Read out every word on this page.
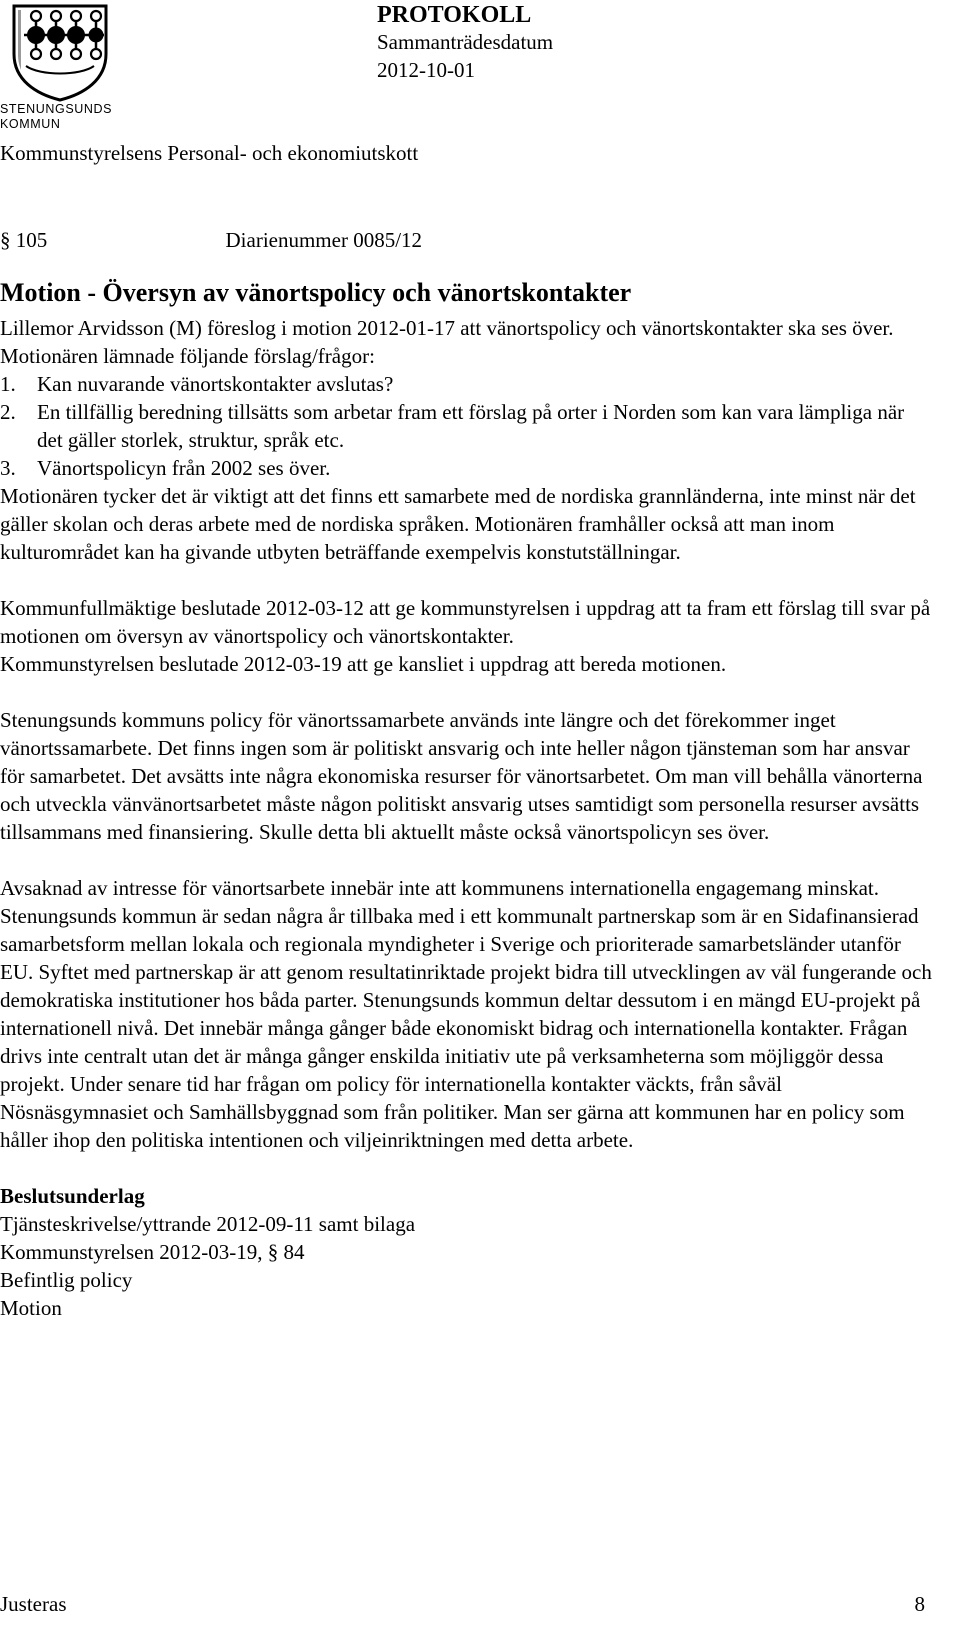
STENUNGSUNDS
KOMMUN
PROTOKOLL
Sammanträdesdatum
2012-10-01
Kommunstyrelsens Personal- och ekonomiutskott
§ 105	Diarienummer 0085/12
Motion - Översyn av vänortspolicy och vänortskontakter

Lillemor Arvidsson (M) föreslog i motion 2012-01-17 att vänortspolicy och vänortskontakter ska ses över.

Motionären lämnade följande förslag/frågor:

1.	Kan nuvarande vänortskontakter avslutas?
2.	En tillfällig beredning tillsätts som arbetar fram ett förslag på orter i Norden som kan vara lämpliga när det gäller storlek, struktur, språk etc.
3.	Vänortspolicyn från 2002 ses över.

Motionären tycker det är viktigt att det finns ett samarbete med de nordiska grannländerna, inte minst när det gäller skolan och deras arbete med de nordiska språken. Motionären framhåller också att man inom kulturområdet kan ha givande utbyten beträffande exempelvis konstutställningar.

Kommunfullmäktige beslutade 2012-03-12 att ge kommunstyrelsen i uppdrag att ta fram ett förslag till svar på motionen om översyn av vänortspolicy och vänortskontakter.

Kommunstyrelsen beslutade 2012-03-19 att ge kansliet i uppdrag att bereda motionen.

Stenungsunds kommuns policy för vänortssamarbete används inte längre och det förekommer inget vänortssamarbete. Det finns ingen som är politiskt ansvarig och inte heller någon tjänsteman som har ansvar för samarbetet. Det avsätts inte några ekonomiska resurser för vänortsarbetet. Om man vill behålla vänorterna och utveckla vänvänortsarbetet måste någon politiskt ansvarig utses samtidigt som personella resurser avsätts tillsammans med finansiering. Skulle detta bli aktuellt måste också vänortspolicyn ses över.

Avsaknad av intresse för vänortsarbete innebär inte att kommunens internationella engagemang minskat. Stenungsunds kommun är sedan några år tillbaka med i ett kommunalt partnerskap som är en Sidafinansierad samarbetsform mellan lokala och regionala myndigheter i Sverige och prioriterade samarbetsländer utanför EU. Syftet med partnerskap är att genom resultatinriktade projekt bidra till utvecklingen av väl fungerande och demokratiska institutioner hos båda parter. Stenungsunds kommun deltar dessutom i en mängd EU-projekt på internationell nivå. Det innebär många gånger både ekonomiskt bidrag och internationella kontakter. Frågan drivs inte centralt utan det är många gånger enskilda initiativ ute på verksamheterna som möjliggör dessa projekt. Under senare tid har frågan om policy för internationella kontakter väckts, från såväl Nösnäsgymnasiet och Samhällsbyggnad som från politiker. Man ser gärna att kommunen har en policy som håller ihop den politiska intentionen och viljeinriktningen med detta arbete.

Beslutsunderlag

Tjänsteskrivelse/yttrande 2012-09-11 samt bilaga

Kommunstyrelsen 2012-03-19, § 84

Befintlig policy

Motion

Justeras	8
